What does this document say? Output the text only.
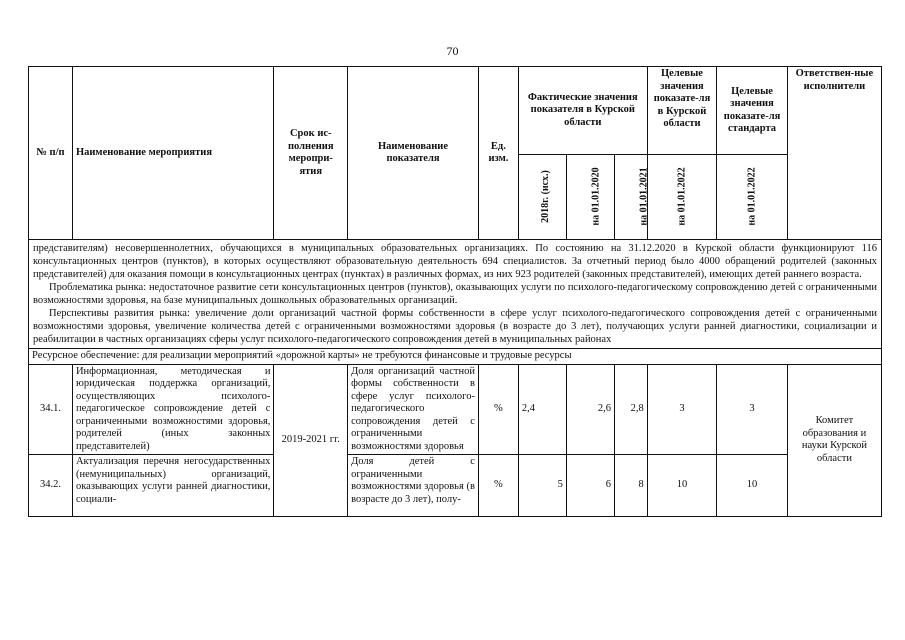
70
№ п/п	Наименование мероприятия	Срок ис-полнения меропри-ятия	Наименование показателя	Ед. изм.	Фактические значения показателя в Курской области			Целевые значения показате-ля в Курской области	Целевые значения показате-ля стандарта	Ответствен-ные исполнители
					2018г. (исх.)	на 01.01.2020	на 01.01.2021	на 01.01.2022	на 01.01.2022	

представителям) несовершеннолетних, обучающихся в муниципальных образовательных организациях. По состоянию на 31.12.2020 в Курской области функционируют 116 консультационных центров (пунктов), в которых осуществляют образовательную деятельность 694 специалистов. За отчетный период было 4000 обращений родителей (законных представителей) для оказания помощи в консультационных центрах (пунктах) в различных формах, из них 923 родителей (законных представителей), имеющих детей раннего возраста.

Проблематика рынка: недостаточное развитие сети консультационных центров (пунктов), оказывающих услуги по психолого-педагогическому сопровождению детей с ограниченными возможностями здоровья, на базе муниципальных дошкольных образовательных организаций.

Перспективы развития рынка: увеличение доли организаций частной формы собственности в сфере услуг психолого-педагогического сопровождения детей с ограниченными возможностями здоровья, увеличение количества детей с ограниченными возможностями здоровья (в возрасте до 3 лет), получающих услуги ранней диагностики, социализации и реабилитации в частных организациях сферы услуг психолого-педагогического сопровождения детей в муниципальных районах										

Ресурсное обеспечение: для реализации мероприятий «дорожной карты» не требуются финансовые и трудовые ресурсы										
34.1.	Информационная, методическая и юридическая поддержка организаций, осуществляющих психолого-педагогическое сопровождение детей с ограниченными возможностями здоровья, родителей (иных законных представителей)	2019-2021 гг.	Доля организаций частной формы собственности в сфере услуг психолого-педагогического сопровождения детей с ограниченными возможностями здоровья	%	2,4	2,6	2,8	3	3	Комитет образования и науки Курской области
34.2.	Актуализация перечня негосударственных (немуниципальных) организаций, оказывающих услуги ранней диагностики, социали-		Доля детей с ограниченными возможностями здоровья (в возрасте до 3 лет), полу-	%	5	6	8	10	10	
